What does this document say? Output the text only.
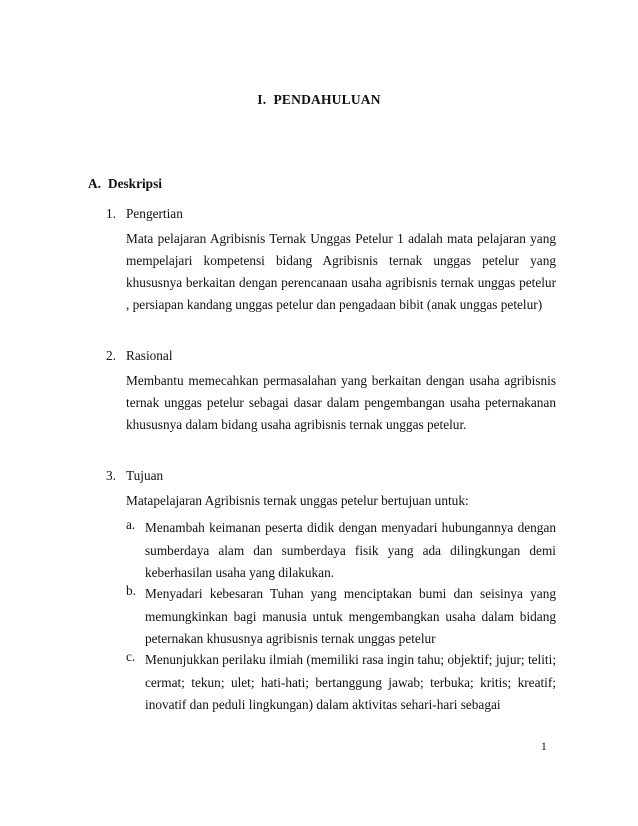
I. PENDAHULUAN
A. Deskripsi
1. Pengertian
Mata pelajaran Agribisnis Ternak Unggas Petelur 1 adalah mata pelajaran yang mempelajari kompetensi bidang Agribisnis ternak unggas petelur yang khususnya berkaitan dengan perencanaan usaha agribisnis ternak unggas petelur , persiapan kandang unggas petelur dan pengadaan bibit (anak unggas petelur)
2. Rasional
Membantu memecahkan permasalahan yang berkaitan dengan usaha agribisnis ternak unggas petelur sebagai dasar dalam pengembangan usaha peternakanan khususnya dalam bidang usaha agribisnis ternak unggas petelur.
3. Tujuan
Matapelajaran Agribisnis ternak unggas petelur bertujuan untuk:
a. Menambah keimanan peserta didik dengan menyadari hubungannya dengan sumberdaya alam dan sumberdaya fisik yang ada dilingkungan demi keberhasilan usaha yang dilakukan.
b. Menyadari kebesaran Tuhan yang menciptakan bumi dan seisinya yang memungkinkan bagi manusia untuk mengembangkan usaha dalam bidang peternakan khususnya agribisnis ternak unggas petelur
c. Menunjukkan perilaku ilmiah (memiliki rasa ingin tahu; objektif; jujur; teliti; cermat; tekun; ulet; hati-hati; bertanggung jawab; terbuka; kritis; kreatif; inovatif dan peduli lingkungan) dalam aktivitas sehari-hari sebagai
1
